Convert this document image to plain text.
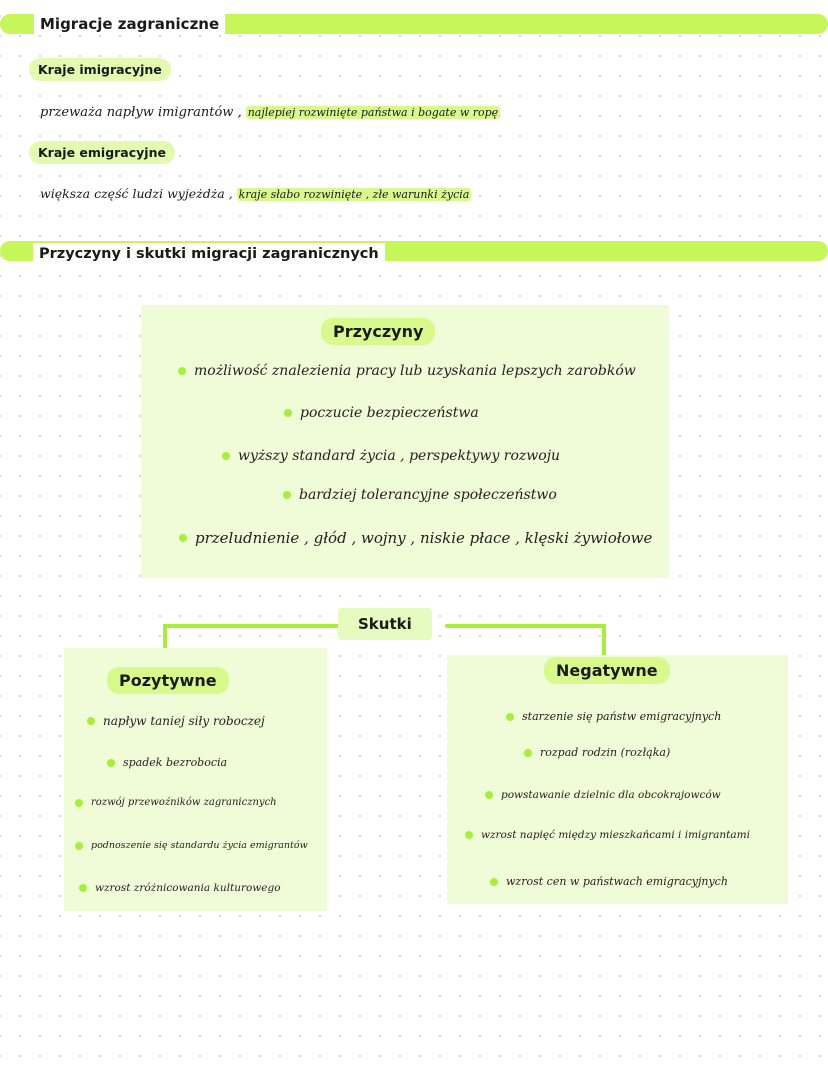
Migracje zagraniczne
Kraje imigracyjne
przeważa napływ imigrantów , najlepiej rozwinięte państwa i bogate w ropę
Kraje emigracyjne
większa część ludzi wyjeżdża , kraje słabo rozwinięte , złe warunki życia
Przyczyny i skutki migracji zagranicznych
Przyczyny
możliwość znalezienia pracy lub uzyskania lepszych zarobków
poczucie bezpieczeństwa
wyższy standard życia , perspektywy rozwoju
bardziej tolerancyjne społeczeństwo
przeludnienie , głód , wojny , niskie płace , klęski żywiołowe
Skutki
Pozytywne
napływ taniej siły roboczej
spadek bezrobocia
rozwój przewoźników zagranicznych
podnoszenie się standardu życia emigrantów
wzrost zróżnicowania kulturowego
Negatywne
starzenie się państw emigracyjnych
rozpad rodzin (rozłąka)
powstawanie dzielnic dla obcokrajowców
wzrost napięć między mieszkańcami i imigrantami
wzrost cen w państwach emigracyjnych
